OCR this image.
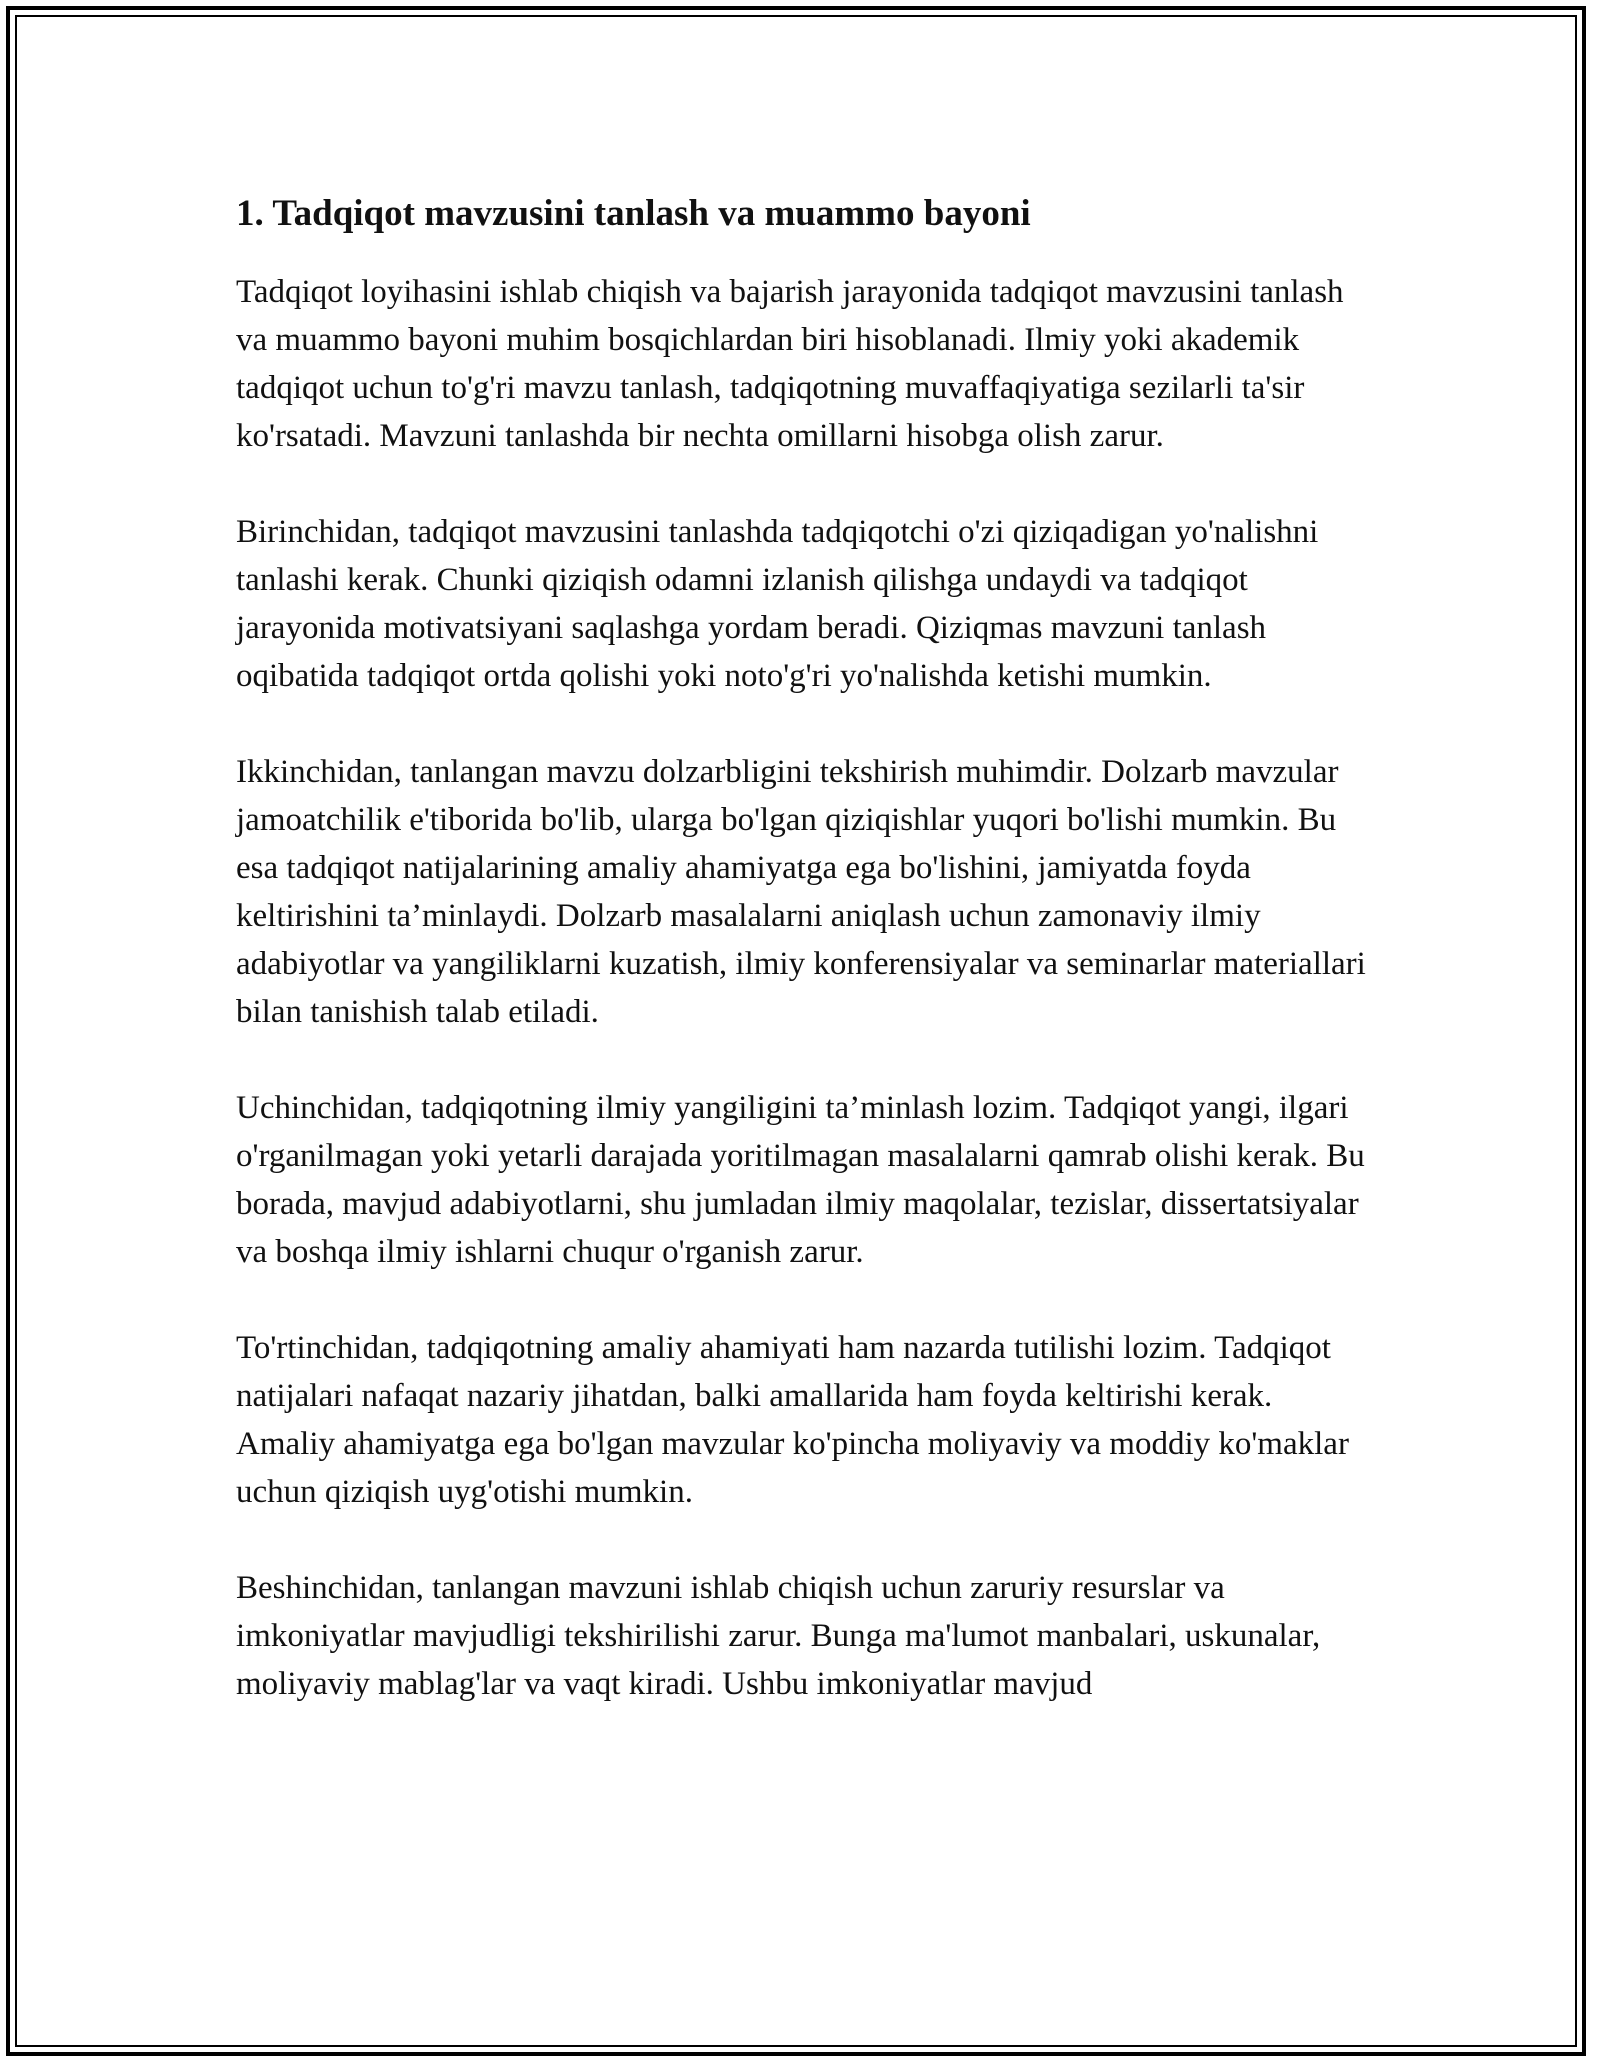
1. Tadqiqot mavzusini tanlash va muammo bayoni

Tadqiqot loyihasini ishlab chiqish va bajarish jarayonida tadqiqot mavzusini tanlash va muammo bayoni muhim bosqichlardan biri hisoblanadi. Ilmiy yoki akademik tadqiqot uchun to'g'ri mavzu tanlash, tadqiqotning muvaffaqiyatiga sezilarli ta'sir ko'rsatadi. Mavzuni tanlashda bir nechta omillarni hisobga olish zarur.

Birinchidan, tadqiqot mavzusini tanlashda tadqiqotchi o'zi qiziqadigan yo'nalishni tanlashi kerak. Chunki qiziqish odamni izlanish qilishga undaydi va tadqiqot jarayonida motivatsiyani saqlashga yordam beradi. Qiziqmas mavzuni tanlash oqibatida tadqiqot ortda qolishi yoki noto'g'ri yo'nalishda ketishi mumkin.

Ikkinchidan, tanlangan mavzu dolzarbligini tekshirish muhimdir. Dolzarb mavzular jamoatchilik e'tiborida bo'lib, ularga bo'lgan qiziqishlar yuqori bo'lishi mumkin. Bu esa tadqiqot natijalarining amaliy ahamiyatga ega bo'lishini, jamiyatda foyda keltirishini ta’minlaydi. Dolzarb masalalarni aniqlash uchun zamonaviy ilmiy adabiyotlar va yangiliklarni kuzatish, ilmiy konferensiyalar va seminarlar materiallari bilan tanishish talab etiladi.

Uchinchidan, tadqiqotning ilmiy yangiligini ta’minlash lozim. Tadqiqot yangi, ilgari o'rganilmagan yoki yetarli darajada yoritilmagan masalalarni qamrab olishi kerak. Bu borada, mavjud adabiyotlarni, shu jumladan ilmiy maqolalar, tezislar, dissertatsiyalar va boshqa ilmiy ishlarni chuqur o'rganish zarur.

To'rtinchidan, tadqiqotning amaliy ahamiyati ham nazarda tutilishi lozim. Tadqiqot natijalari nafaqat nazariy jihatdan, balki amallarida ham foyda keltirishi kerak. Amaliy ahamiyatga ega bo'lgan mavzular ko'pincha moliyaviy va moddiy ko'maklar uchun qiziqish uyg'otishi mumkin.

Beshinchidan, tanlangan mavzuni ishlab chiqish uchun zaruriy resurslar va imkoniyatlar mavjudligi tekshirilishi zarur. Bunga ma'lumot manbalari, uskunalar, moliyaviy mablag'lar va vaqt kiradi. Ushbu imkoniyatlar mavjud
